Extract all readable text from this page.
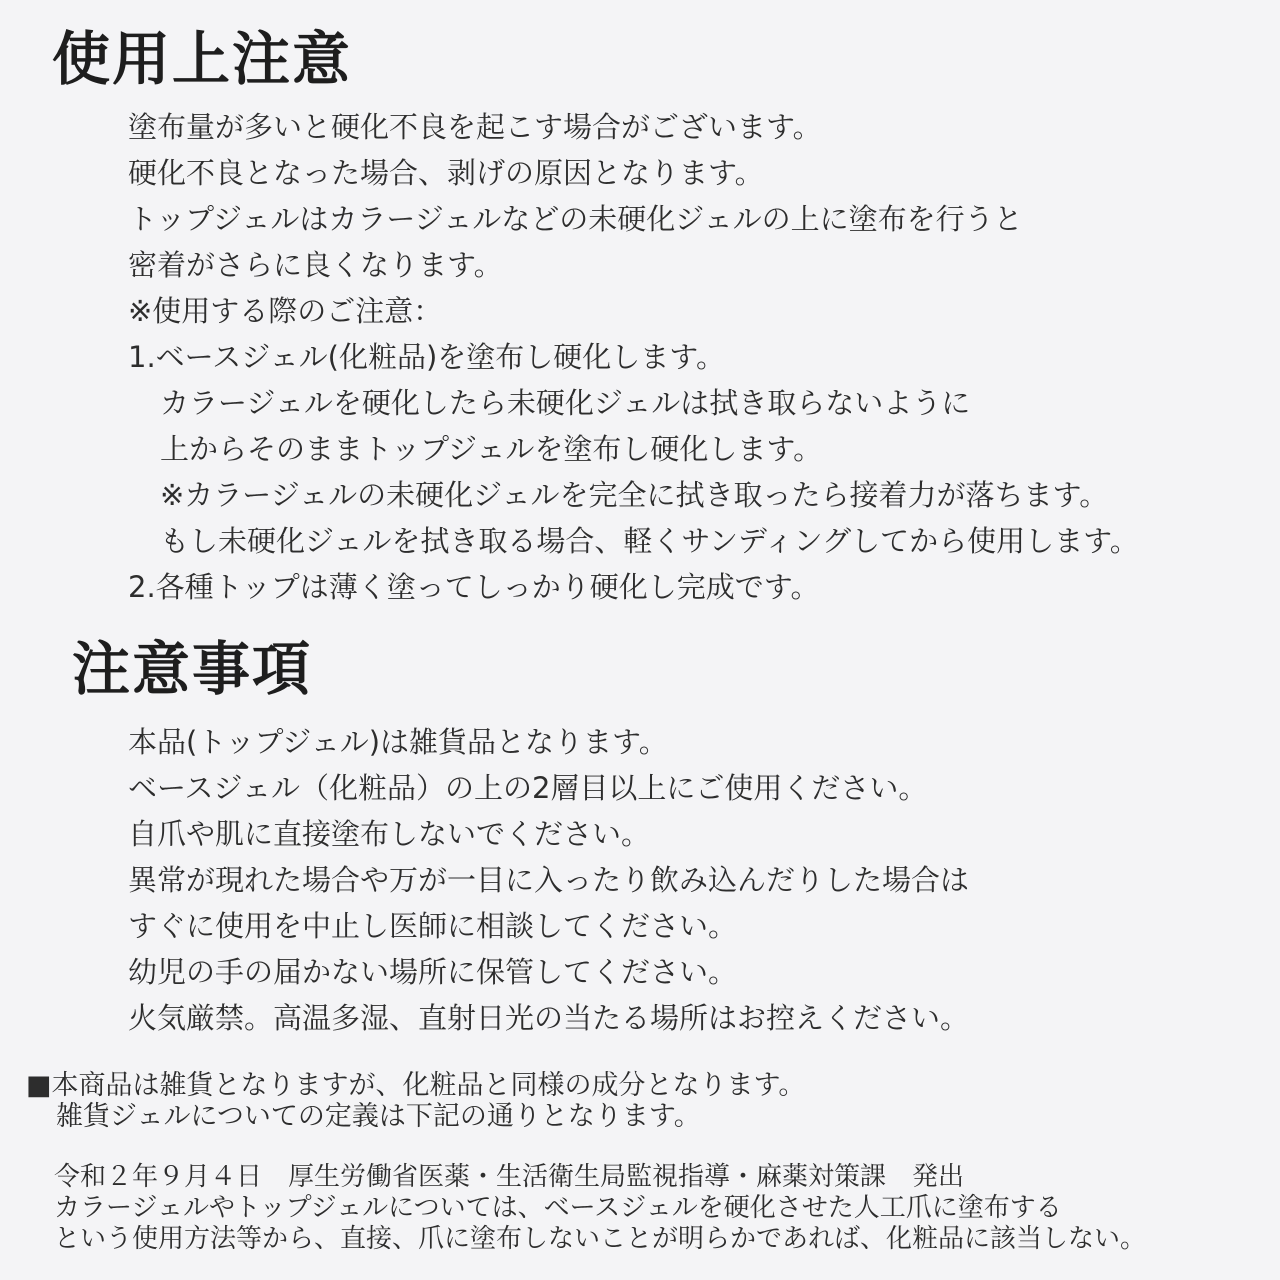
使用上注意
塗布量が多いと硬化不良を起こす場合がございます。
硬化不良となった場合、剥げの原因となります。
トップジェルはカラージェルなどの未硬化ジェルの上に塗布を行うと
密着がさらに良くなります。
※使用する際のご注意：
1.ベースジェル(化粧品)を塗布し硬化します。
カラージェルを硬化したら未硬化ジェルは拭き取らないように
上からそのままトップジェルを塗布し硬化します。
※カラージェルの未硬化ジェルを完全に拭き取ったら接着力が落ちます。
もし未硬化ジェルを拭き取る場合、軽くサンディングしてから使用します。
2.各種トップは薄く塗ってしっかり硬化し完成です。
注意事項
本品(トップジェル)は雑貨品となります。
ベースジェル（化粧品）の上の2層目以上にご使用ください。
自爪や肌に直接塗布しないでください。
異常が現れた場合や万が一目に入ったり飲み込んだりした場合は
すぐに使用を中止し医師に相談してください。
幼児の手の届かない場所に保管してください。
火気厳禁。高温多湿、直射日光の当たる場所はお控えください。
■本商品は雑貨となりますが、化粧品と同様の成分となります。
雑貨ジェルについての定義は下記の通りとなります。
令和２年９月４日　厚生労働省医薬・生活衛生局監視指導・麻薬対策課　発出
カラージェルやトップジェルについては、ベースジェルを硬化させた人工爪に塗布する
という使用方法等から、直接、爪に塗布しないことが明らかであれば、化粧品に該当しない。
